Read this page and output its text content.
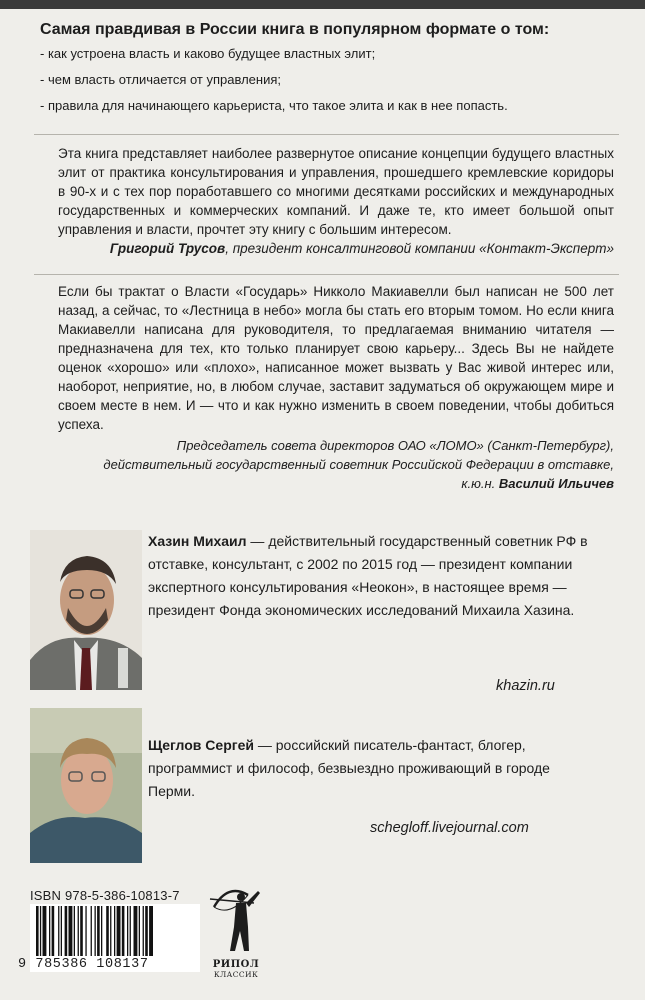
Самая правдивая в России книга в популярном формате о том:

- как устроена власть и каково будущее властных элит;
- чем власть отличается от управления;
- правила для начинающего карьериста, что такое элита и как в нее попасть.
Эта книга представляет наиболее развернутое описание концепции будущего властных элит от практика консультирования и управления, прошедшего кремлевские коридоры в 90-х и с тех пор поработавшего со многими десятками российских и международных государственных и коммерческих компаний. И даже те, кто имеет большой опыт управления и власти, прочтет эту книгу с большим интересом.
Григорий Трусов, президент консалтинговой компании «Контакт-Эксперт»
Если бы трактат о Власти «Государь» Никколо Макиавелли был написан не 500 лет назад, а сейчас, то «Лестница в небо» могла бы стать его вторым томом. Но если книга Макиавелли написана для руководителя, то предлагаемая вниманию читателя — предназначена для тех, кто только планирует свою карьеру... Здесь Вы не найдете оценок «хорошо» или «плохо», написанное может вызвать у Вас живой интерес или, наоборот, неприятие, но, в любом случае, заставит задуматься об окружающем мире и своем месте в нем. И — что и как нужно изменить в своем поведении, чтобы добиться успеха.
Председатель совета директоров ОАО «ЛОМО» (Санкт-Петербург),
действительный государственный советник Российской Федерации в отставке,
к.ю.н. Василий Ильичев
Хазин Михаил — действительный государственный советник РФ в отставке, консультант, с 2002 по 2015 год — президент компании экспертного консультирования «Неокон», в настоящее время — президент Фонда экономических исследований Михаила Хазина.
khazin.ru
Щеглов Сергей — российский писатель-фантаст, блогер, программист и философ, безвыездно проживающий в городе Перми.
schegloff.livejournal.com
ISBN 978-5-386-10813-7
9 785386 108137	РИПОЛ
КЛАССИК
